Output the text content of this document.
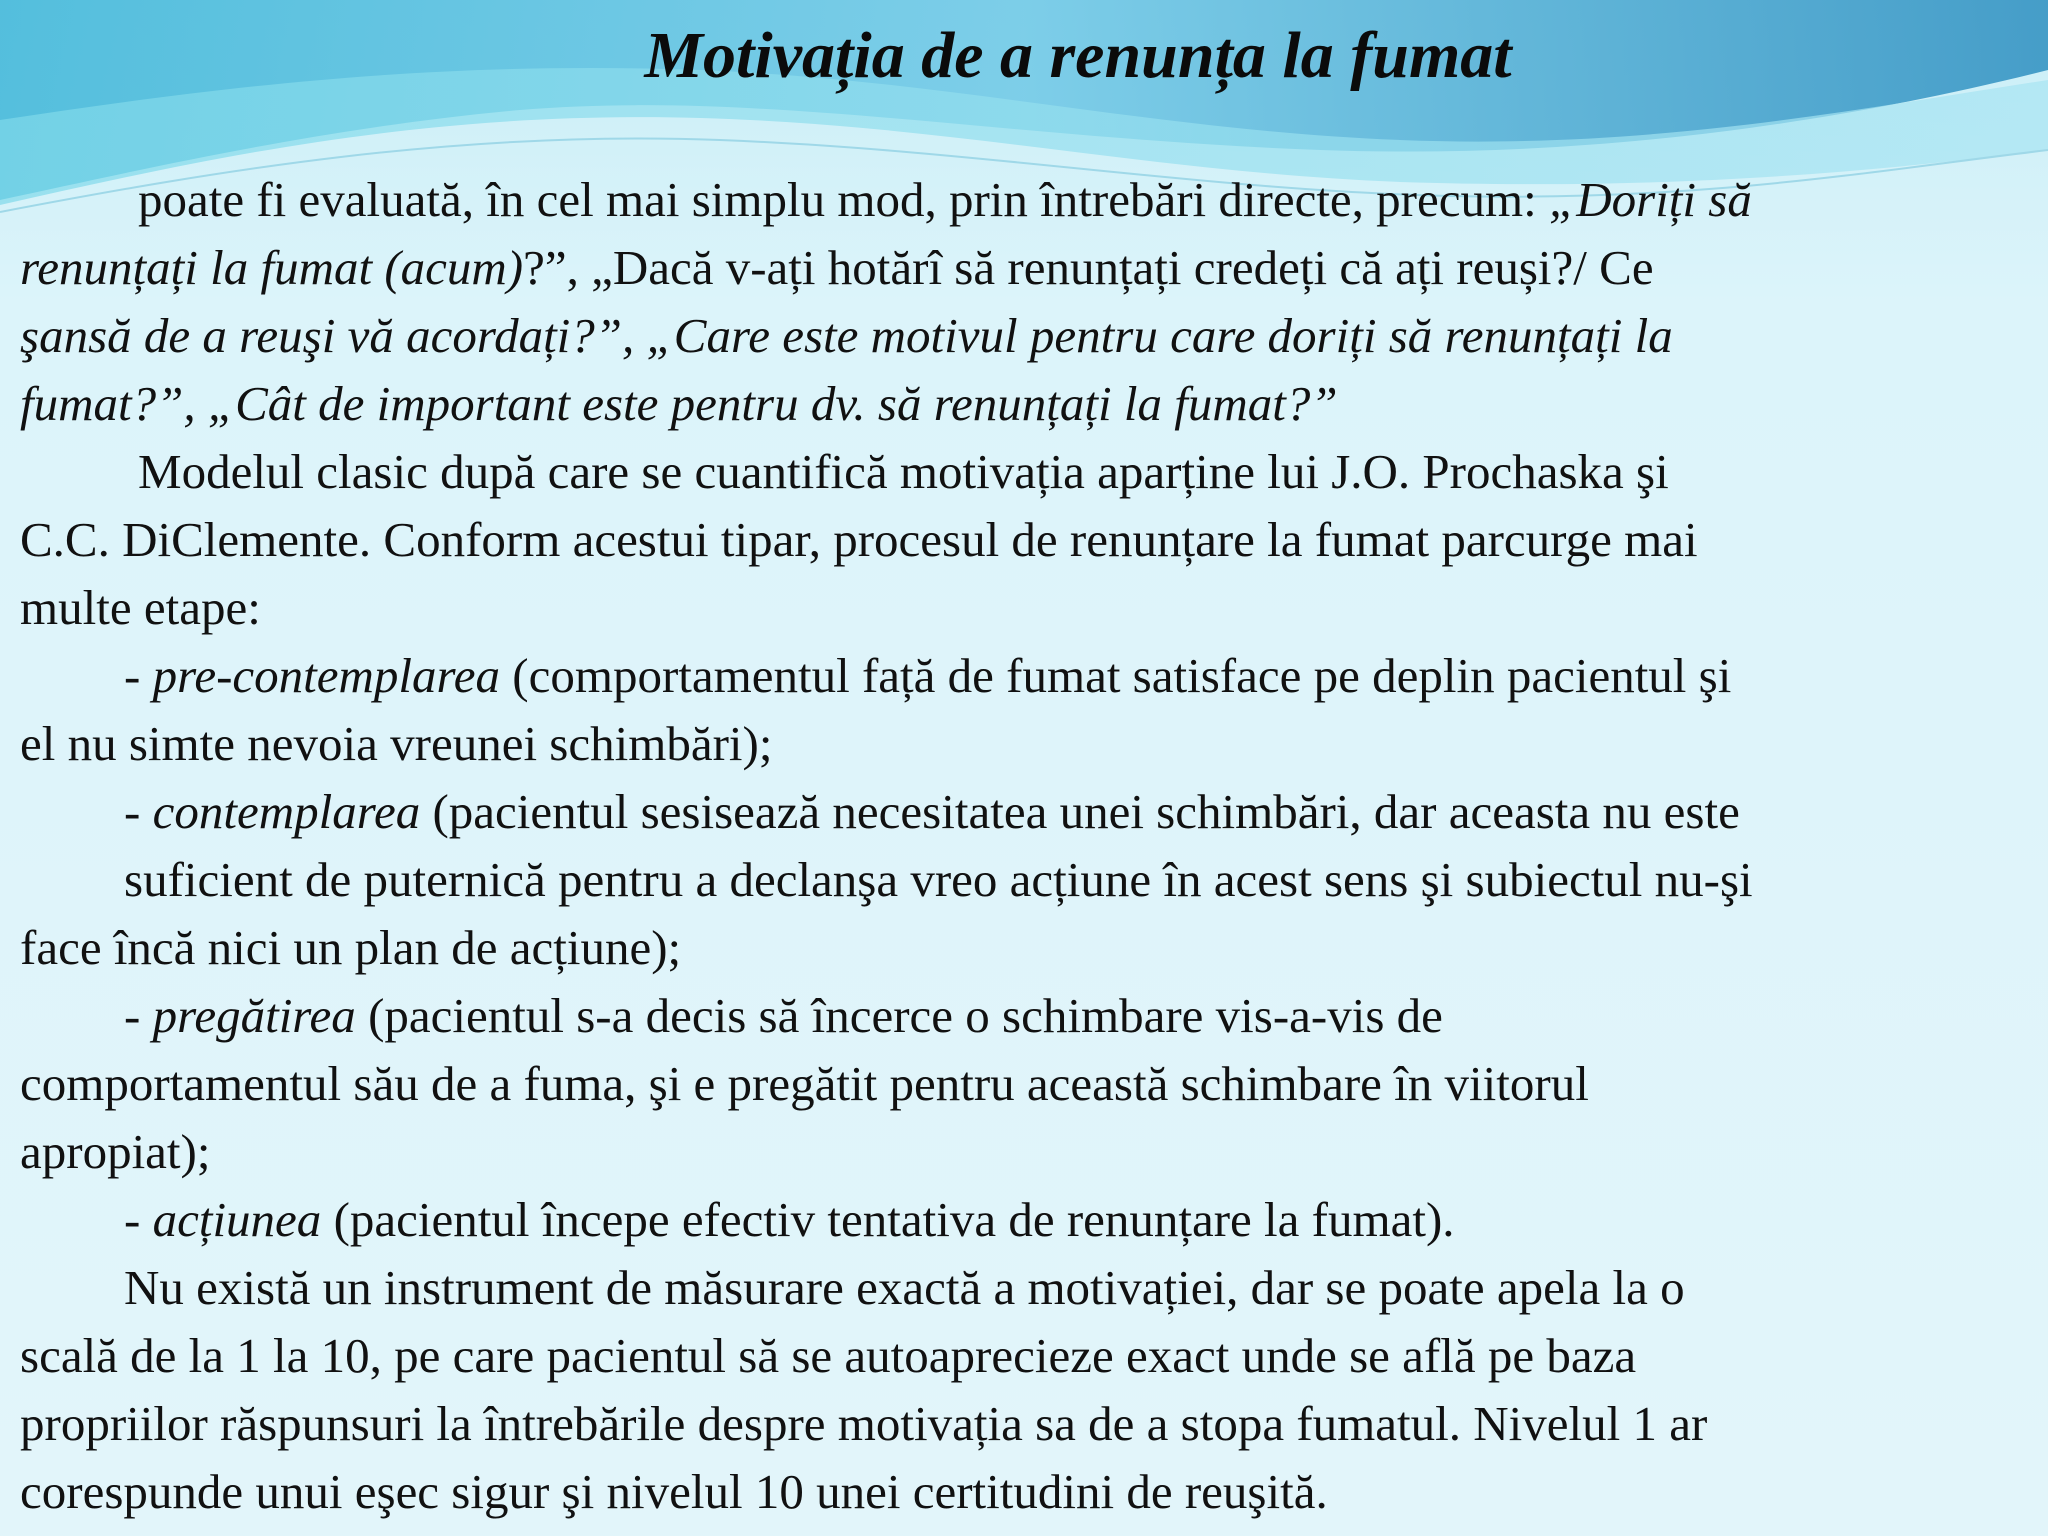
Motivația de a renunța la fumat
poate fi evaluată, în cel mai simplu mod, prin întrebări directe, precum: „Doriți să
renunțați la fumat (acum)?”, „Dacă v-ați hotărî să renunțați credeți că ați reuși?/ Ce
şansă de a reuşi vă acordați?”, „Care este motivul pentru care doriți să renunțați la
fumat?”, „Cât de important este pentru dv. să renunțați la fumat?”
Modelul clasic după care se cuantifică motivația aparține lui J.O. Prochaska şi
C.C. DiClemente. Conform acestui tipar, procesul de renunțare la fumat parcurge mai
multe etape:
- pre-contemplarea (comportamentul față de fumat satisface pe deplin pacientul şi
el nu simte nevoia vreunei schimbări);
- contemplarea (pacientul sesisează necesitatea unei schimbări, dar aceasta nu este
suficient de puternică pentru a declanşa vreo acțiune în acest sens şi subiectul nu-şi
face încă nici un plan de acțiune);
- pregătirea (pacientul s-a decis să încerce o schimbare vis-a-vis de
comportamentul său de a fuma, şi e pregătit pentru această schimbare în viitorul
apropiat);
- acțiunea (pacientul începe efectiv tentativa de renunțare la fumat).
Nu există un instrument de măsurare exactă a motivației, dar se poate apela la o
scală de la 1 la 10, pe care pacientul să se autoaprecieze exact unde se află pe baza
propriilor răspunsuri la întrebările despre motivația sa de a stopa fumatul. Nivelul 1 ar
corespunde unui eşec sigur şi nivelul 10 unei certitudini de reuşită.
